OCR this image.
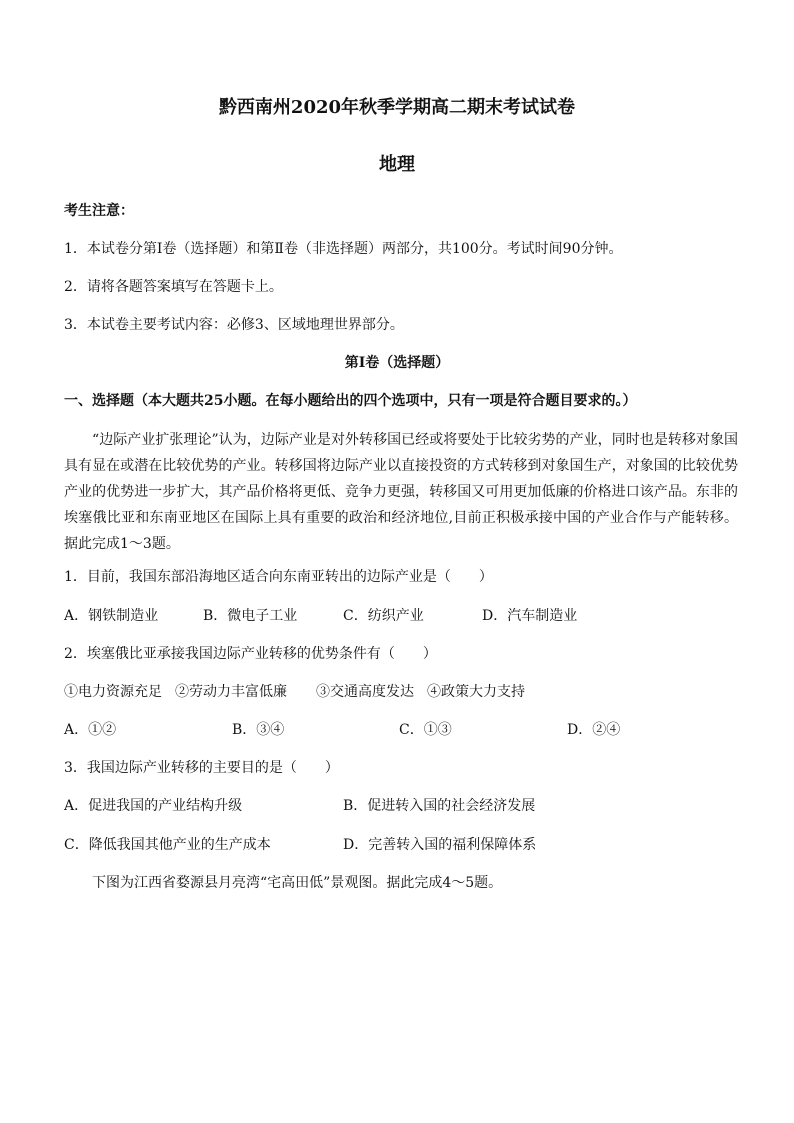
黔西南州2020年秋季学期高二期末考试试卷
地理
考生注意：
1．本试卷分第Ⅰ卷（选择题）和第Ⅱ卷（非选择题）两部分，共100分。考试时间90分钟。
2．请将各题答案填写在答题卡上。
3．本试卷主要考试内容：必修3、区域地理世界部分。
第Ⅰ卷（选择题）
一、选择题（本大题共25小题。在每小题给出的四个选项中，只有一项是符合题目要求的。）
“边际产业扩张理论”认为，边际产业是对外转移国已经或将要处于比较劣势的产业，同时也是转移对象国具有显在或潜在比较优势的产业。转移国将边际产业以直接投资的方式转移到对象国生产，对象国的比较优势产业的优势进一步扩大，其产品价格将更低、竞争力更强，转移国又可用更加低廉的价格进口该产品。东非的埃塞俄比亚和东南亚地区在国际上具有重要的政治和经济地位,目前正积极承接中国的产业合作与产能转移。据此完成1～3题。
1．目前，我国东部沿海地区适合向东南亚转出的边际产业是（　　）
A．钢铁制造业	B．微电子工业	C．纺织产业	D．汽车制造业
2．埃塞俄比亚承接我国边际产业转移的优势条件有（　　）
①电力资源充足 ②劳动力丰富低廉 ③交通高度发达 ④政策大力支持
A．①②	B．③④	C．①③	D．②④
3．我国边际产业转移的主要目的是（　　）
A．促进我国的产业结构升级	B．促进转入国的社会经济发展
C．降低我国其他产业的生产成本	D．完善转入国的福利保障体系
下图为江西省婺源县月亮湾“宅高田低”景观图。据此完成4～5题。
